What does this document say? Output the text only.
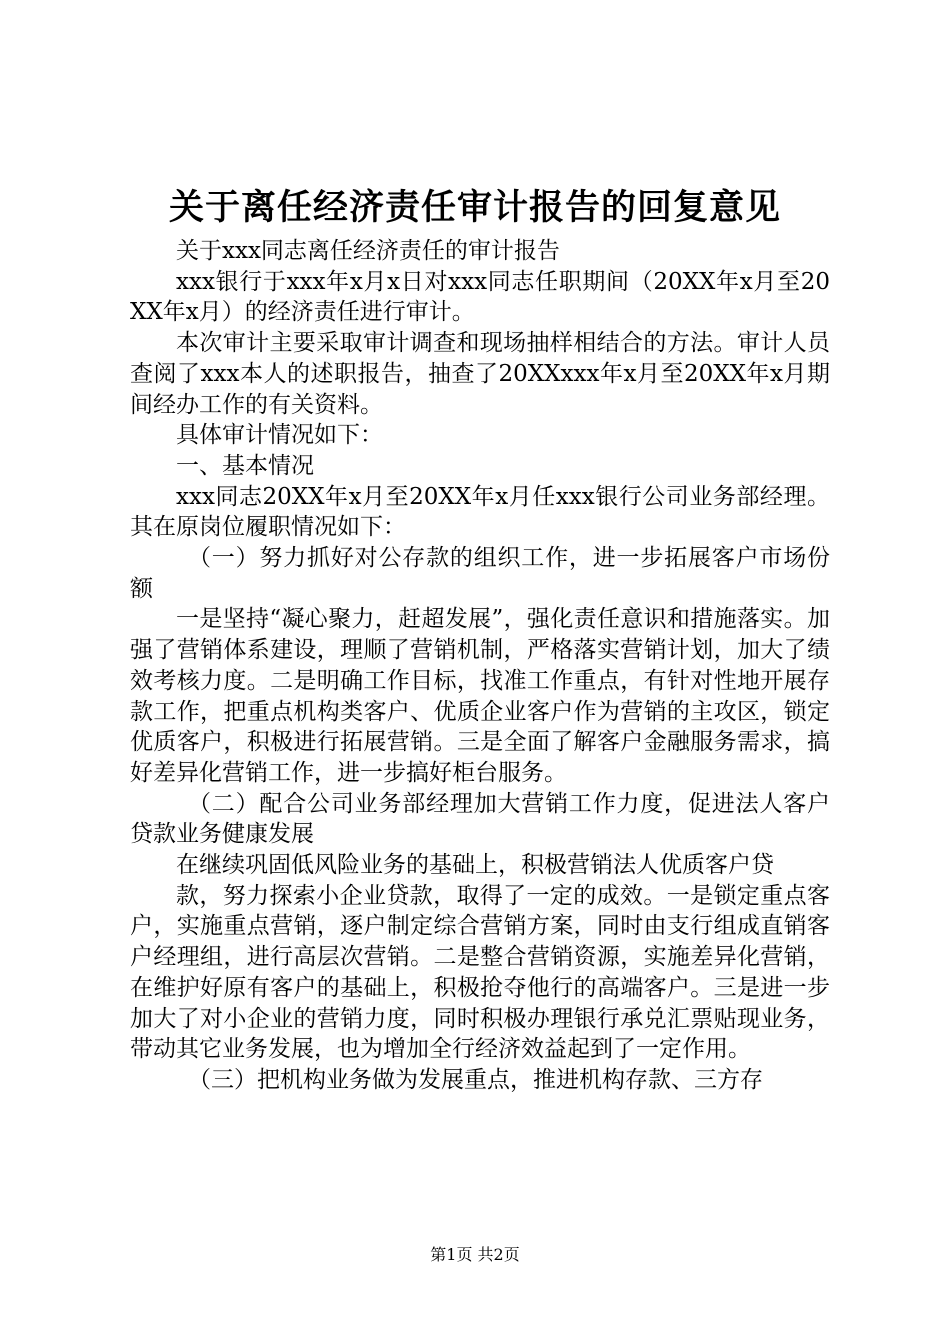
关于离任经济责任审计报告的回复意见

关于xxx同志离任经济责任的审计报告

xxx银行于xxx年x月x日对xxx同志任职期间（20XX年x月至20XX年x月）的经济责任进行审计。

本次审计主要采取审计调查和现场抽样相结合的方法。审计人员查阅了xxx本人的述职报告，抽查了20XXxxx年x月至20XX年x月期间经办工作的有关资料。

具体审计情况如下：

一、基本情况

xxx同志20XX年x月至20XX年x月任xxx银行公司业务部经理。其在原岗位履职情况如下：

（一）努力抓好对公存款的组织工作，进一步拓展客户市场份额

一是坚持“凝心聚力，赶超发展”，强化责任意识和措施落实。加强了营销体系建设，理顺了营销机制，严格落实营销计划，加大了绩效考核力度。二是明确工作目标，找准工作重点，有针对性地开展存款工作，把重点机构类客户、优质企业客户作为营销的主攻区，锁定优质客户，积极进行拓展营销。三是全面了解客户金融服务需求，搞好差异化营销工作，进一步搞好柜台服务。

（二）配合公司业务部经理加大营销工作力度，促进法人客户贷款业务健康发展

在继续巩固低风险业务的基础上，积极营销法人优质客户贷

款，努力探索小企业贷款，取得了一定的成效。一是锁定重点客户，实施重点营销，逐户制定综合营销方案，同时由支行组成直销客户经理组，进行高层次营销。二是整合营销资源，实施差异化营销，在维护好原有客户的基础上，积极抢夺他行的高端客户。三是进一步加大了对小企业的营销力度，同时积极办理银行承兑汇票贴现业务，带动其它业务发展，也为增加全行经济效益起到了一定作用。

（三）把机构业务做为发展重点，推进机构存款、三方存

第1页 共2页
